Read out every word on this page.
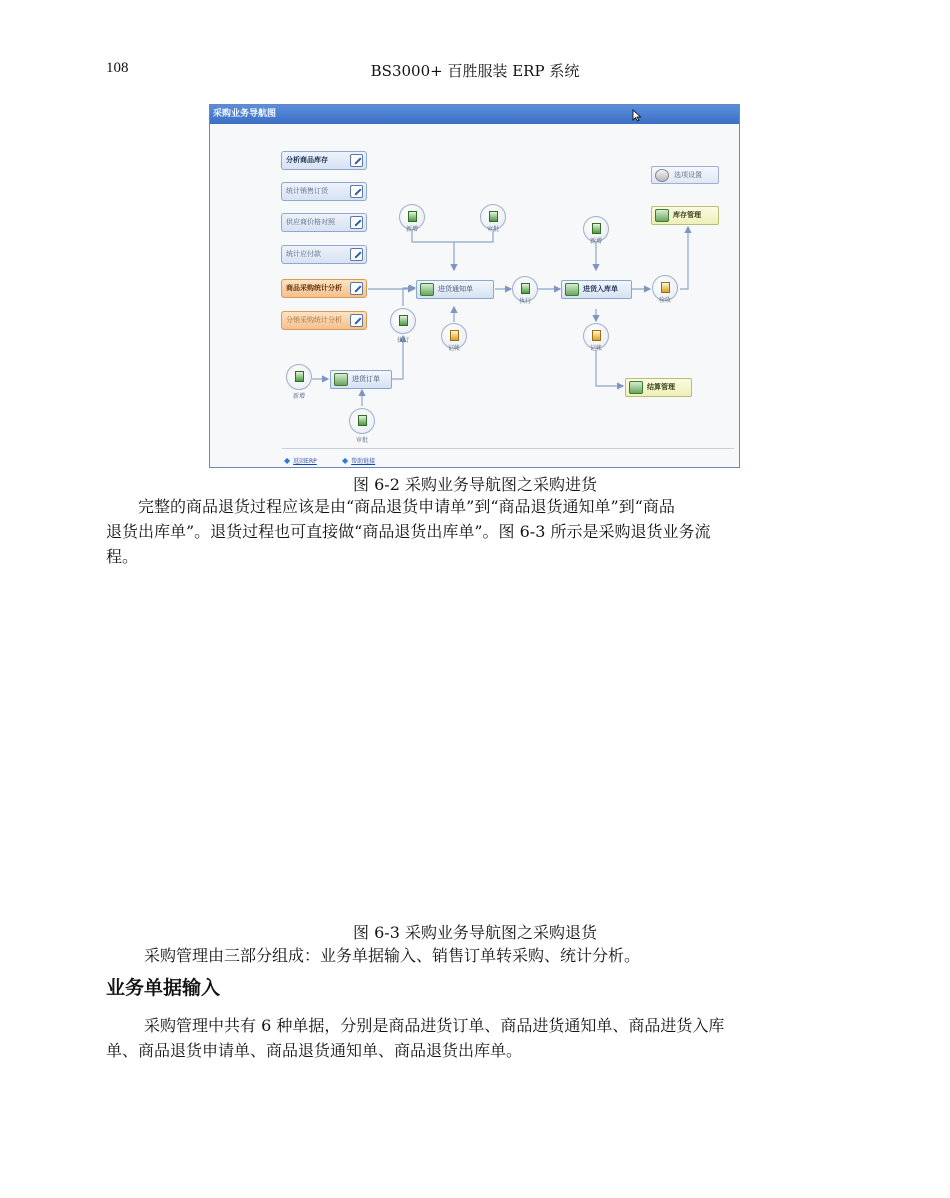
108	BS3000+ 百胜服装 ERP 系统
采购业务导航图
分析商品库存
统计销售订货
供应商价格对照
统计应付款
商品采购统计分析
分销采购统计分析
选项设置
进货订单
进货通知单	进货入库单
库存管理
结算管理
新增
审批
执行
新增	审批
记帐
执行
新增
记帐
验收
◆ 返回ERP	◆ 帮助链接
图 6-2 采购业务导航图之采购进货
完整的商品退货过程应该是由“商品退货申请单”到“商品退货通知单”到“商品
退货出库单”。退货过程也可直接做“商品退货出库单”。图 6-3 所示是采购退货业务流
程。
图 6-3 采购业务导航图之采购退货
采购管理由三部分组成：业务单据输入、销售订单转采购、统计分析。
业务单据输入
采购管理中共有 6 种单据，分别是商品进货订单、商品进货通知单、商品进货入库
单、商品退货申请单、商品退货通知单、商品退货出库单。
